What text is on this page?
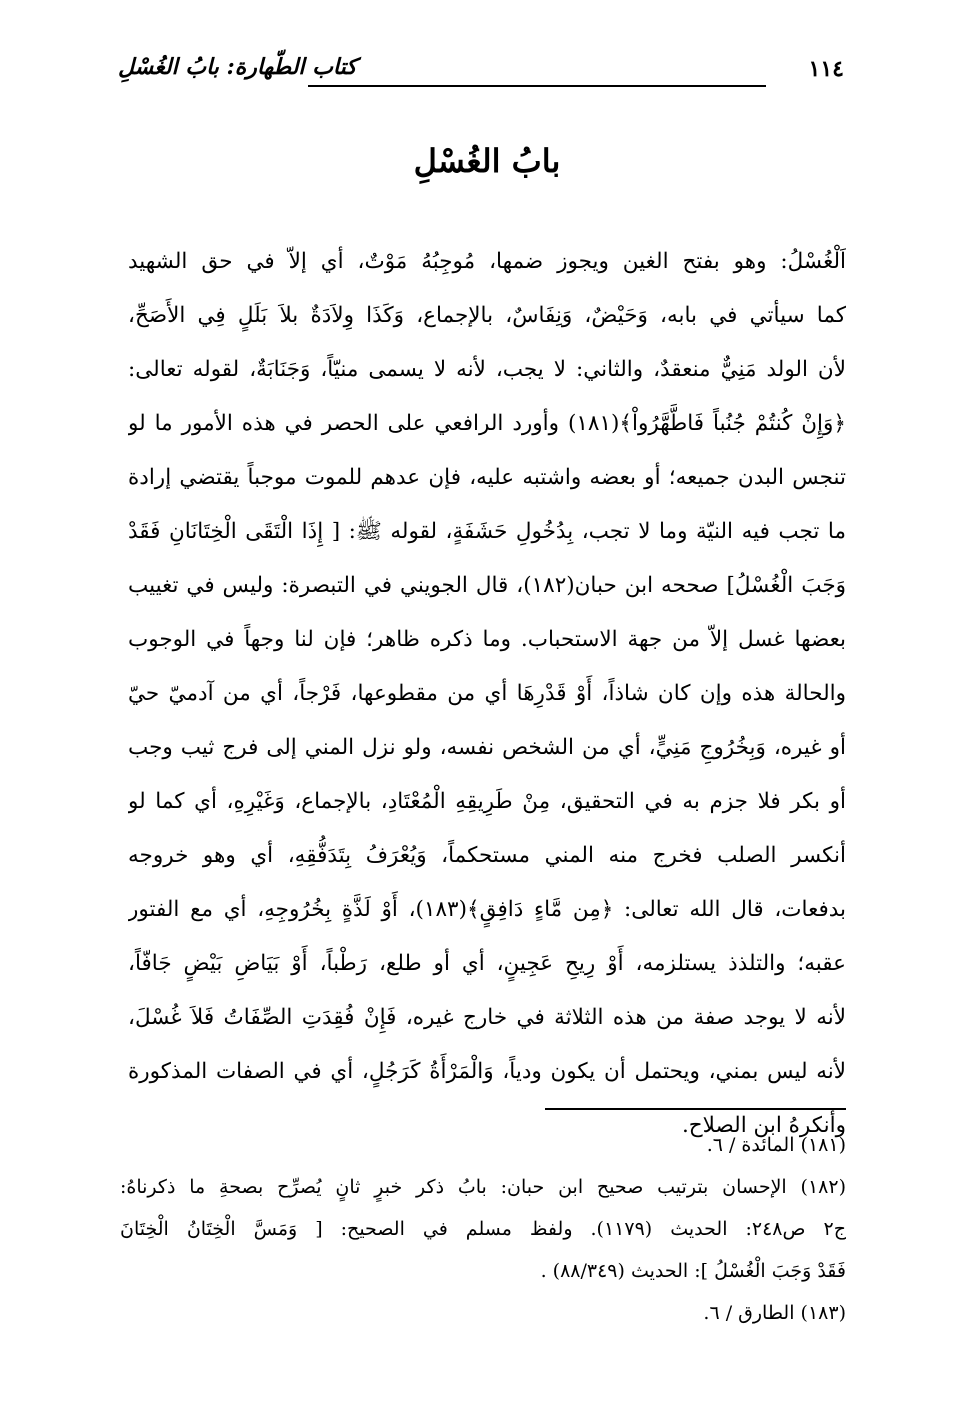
١١٤
كتاب الطّهارة: بابُ الغُسْلِ
بابُ الغُسْلِ
اَلْغُسْلُ: وهو بفتح الغين ويجوز ضمها، مُوجِبُهُ مَوْتٌ، أي إلاّ في حق الشهيد
كما سيأتي في بابه، وَحَيْضٌ، وَنِفَاسٌ، بالإجماع، وَكَذَا وِلاَدَةٌ بلاَ بَلَلٍ فِي الأَصَحِّ،
لأن الولد مَنِيٌّ منعقدٌ، والثاني: لا يجب، لأنه لا يسمى منيّاً، وَجَنَابَةٌ، لقوله تعالى:
﴿وَإِنْ كُنتُمْ جُنُباً فَاطَّهَّرُواْ﴾(١٨١) وأورد الرافعي على الحصر في هذه الأمور ما لو
تنجس البدن جميعه؛ أو بعضه واشتبه عليه، فإن عدهم للموت موجباً يقتضي إرادة
ما تجب فيه النيّة وما لا تجب، بِدُخُولِ حَشَفَةٍ، لقوله ﷺ: [ إِذَا الْتَقَى الْخِتَانَانِ فَقَدْ
وَجَبَ الْغُسْلُ] صححه ابن حبان(١٨٢)، قال الجويني في التبصرة: وليس في تغييب
بعضها غسل إلاّ من جهة الاستحباب. وما ذكره ظاهر؛ فإن لنا وجهاً في الوجوب
والحالة هذه وإن كان شاذاً، أَوْ قَدْرِهَا أي من مقطوعها، فَرْجاً، أي من آدميّ حيّ
أو غيره، وَبِخُرُوجِ مَنِيٍّ، أي من الشخص نفسه، ولو نزل المني إلى فرج ثيب وجب
أو بكر فلا جزم به في التحقيق، مِنْ طَرِيقِهِ الْمُعْتَادِ، بالإجماع، وَغَيْرِهِ، أي كما لو
أنكسر الصلب فخرج منه المني مستحكماً، وَيُعْرَفُ بِتَدَفُّقِهِ، أي وهو خروجه
بدفعات، قال الله تعالى: ﴿مِن مَّاءٍ دَافِقٍ﴾(١٨٣)، أَوْ لَذَّةٍ بِخُرُوجِهِ، أي مع الفتور
عقبه؛ والتلذذ يستلزمه، أَوْ رِيحِ عَجِينٍ، أي أو طلع، رَطْباً، أَوْ بَيَاضِ بَيْضٍ جَافّاً،
لأنه لا يوجد صفة من هذه الثلاثة في خارج غيره، فَإِنْ فُقِدَتِ الصِّفَاتُ فَلاَ غُسْلَ،
لأنه ليس بمني، ويحتمل أن يكون ودياً، وَالْمَرْأَةُ كَرَجُلٍ، أي في الصفات المذكورة
وأنكرهُ ابن الصلاح.
(١٨١) المائدة / ٦.
(١٨٢) الإحسان بترتيب صحيح ابن حبان: بابُ ذكر خبرٍ ثانٍ يُصرِّح بصحةِ ما ذكرناهُ:
ج٢ ص٢٤٨: الحديث (١١٧٩). ولفظ مسلم في الصحيح: [ وَمَسَّ الْخِتَانُ الْخِتَانَ
فَقَدْ وَجَبَ الْغُسْلُ ]: الحديث (٨٨/٣٤٩) .
(١٨٣) الطارق / ٦.
